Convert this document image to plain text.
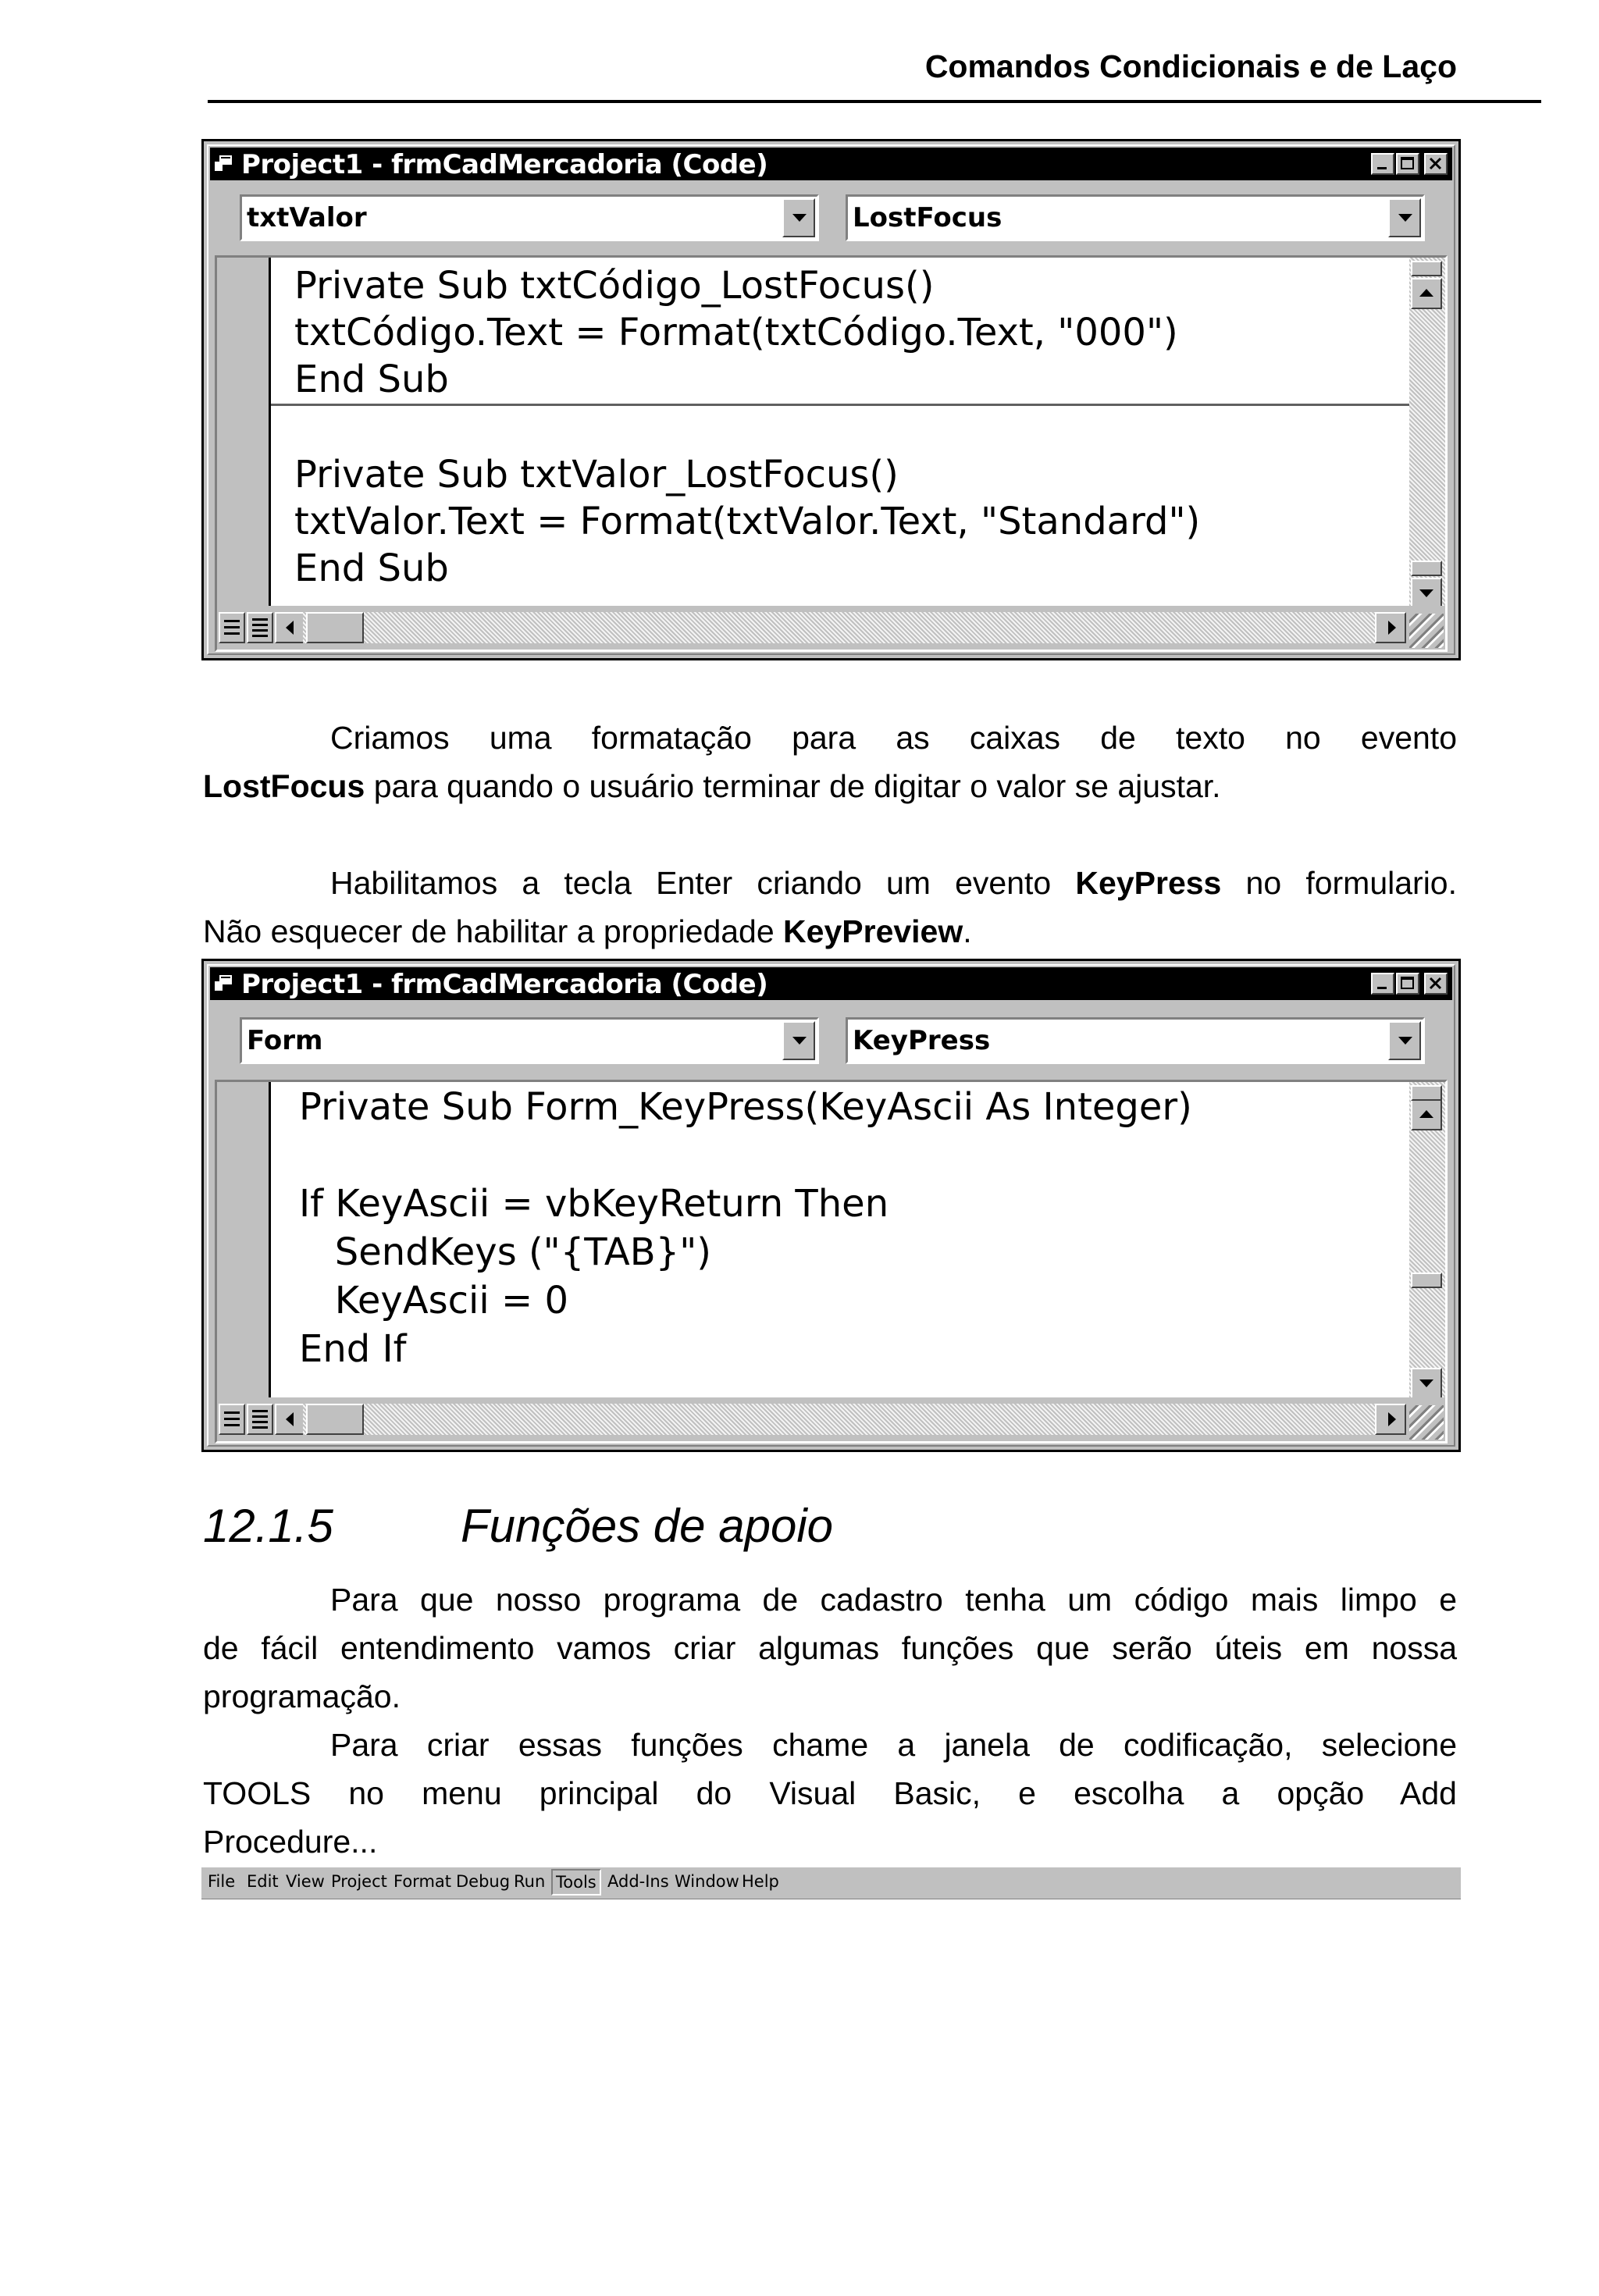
Comandos Condicionais e de Laço
Project1 - frmCadMercadoria (Code)
txtValor	LostFocus
Private Sub txtCódigo_LostFocus()
txtCódigo.Text = Format(txtCódigo.Text, "000")
End Sub
Private Sub txtValor_LostFocus()
txtValor.Text = Format(txtValor.Text, "Standard")
End Sub
Criamos uma formatação para as caixas de texto no evento
LostFocus para quando o usuário terminar de digitar o valor se ajustar.
Habilitamos a tecla Enter criando um evento KeyPress no formulario.
Não esquecer de habilitar a propriedade KeyPreview.
Project1 - frmCadMercadoria (Code)
Form	KeyPress
Private Sub Form_KeyPress(KeyAscii As Integer)
If KeyAscii = vbKeyReturn Then
SendKeys ("{TAB}")
KeyAscii = 0
End If
12.1.5	Funções de apoio
Para que nosso programa de cadastro tenha um código mais limpo e
de fácil entendimento vamos criar algumas funções que serão úteis em nossa
programação.
Para criar essas funções chame a janela de codificação, selecione
TOOLS no menu principal do Visual Basic, e escolha a opção Add
Procedure...
File Edit View Project Format Debug Run Tools Add-Ins Window Help
